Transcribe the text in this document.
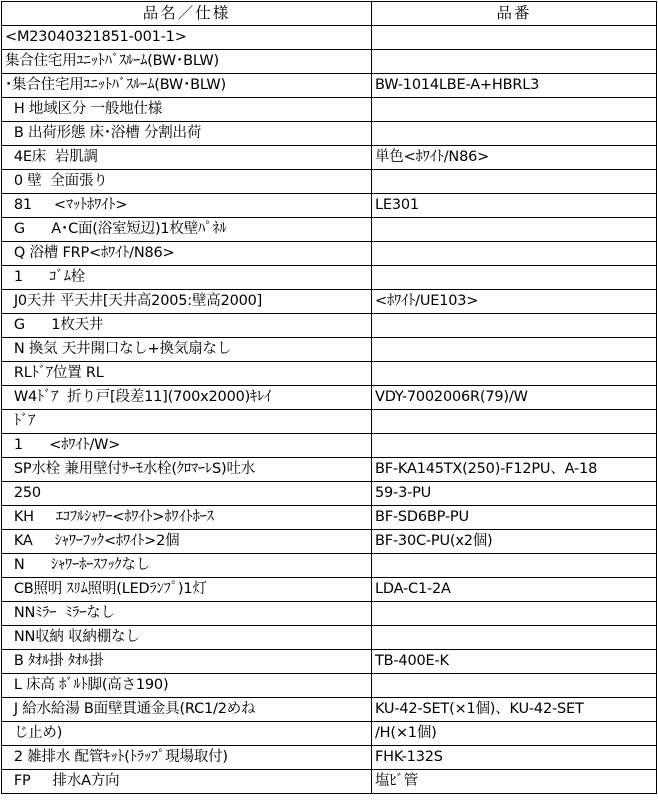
品名／仕様	品番
<M23040321851-001-1>	
集合住宅用ﾕﾆｯﾄﾊﾞｽﾙｰﾑ(BW･BLW)	
･集合住宅用ﾕﾆｯﾄﾊﾞｽﾙｰﾑ(BW･BLW)	BW-1014LBE-A+HBRL3
H 地域区分 一般地仕様	
B 出荷形態 床･浴槽 分割出荷	
4E床  岩肌調	単色<ﾎﾜｲﾄ/N86>
0 壁  全面張り	
81     <ﾏｯﾄﾎﾜｲﾄ>	LE301
G      A･C面(浴室短辺)1枚壁ﾊﾟﾈﾙ	
Q 浴槽 FRP<ﾎﾜｲﾄ/N86>	
1      ｺﾞﾑ栓	
J0天井 平天井[天井高2005:壁高2000]	<ﾎﾜｲﾄ/UE103>
G      1枚天井	
N 換気 天井開口なし+換気扇なし	
RLﾄﾞｱ位置 RL	
W4ﾄﾞｱ  折り戸[段差11](700x2000)ｷﾚｲ	VDY-7002006R(79)/W
ﾄﾞｱ	
1      <ﾎﾜｲﾄ/W>	
SP水栓 兼用壁付ｻｰﾓ水栓(ｸﾛﾏｰﾚS)吐水	BF-KA145TX(250)-F12PU、A-18
250	59-3-PU
KH     ｴｺﾌﾙｼｬﾜｰ<ﾎﾜｲﾄ>ﾎﾜｲﾄﾎｰｽ	BF-SD6BP-PU
KA     ｼｬﾜｰﾌｯｸ<ﾎﾜｲﾄ>2個	BF-30C-PU(x2個)
N      ｼｬﾜｰﾎｰｽﾌｯｸなし	
CB照明 ｽﾘﾑ照明(LEDﾗﾝﾌﾟ)1灯	LDA-C1-2A
NNﾐﾗｰ  ﾐﾗｰなし	
NN収納 収納棚なし	
B ﾀｵﾙ掛 ﾀｵﾙ掛	TB-400E-K
L 床高 ﾎﾞﾙﾄ脚(高さ190)	
J 給水給湯 B面壁貫通金具(RC1/2めね	KU-42-SET(×1個)、KU-42-SET
じ止め)	/H(×1個)
2 雑排水 配管ｷｯﾄ(ﾄﾗｯﾌﾟ現場取付)	FHK-132S
FP     排水A方向	塩ﾋﾞ管
